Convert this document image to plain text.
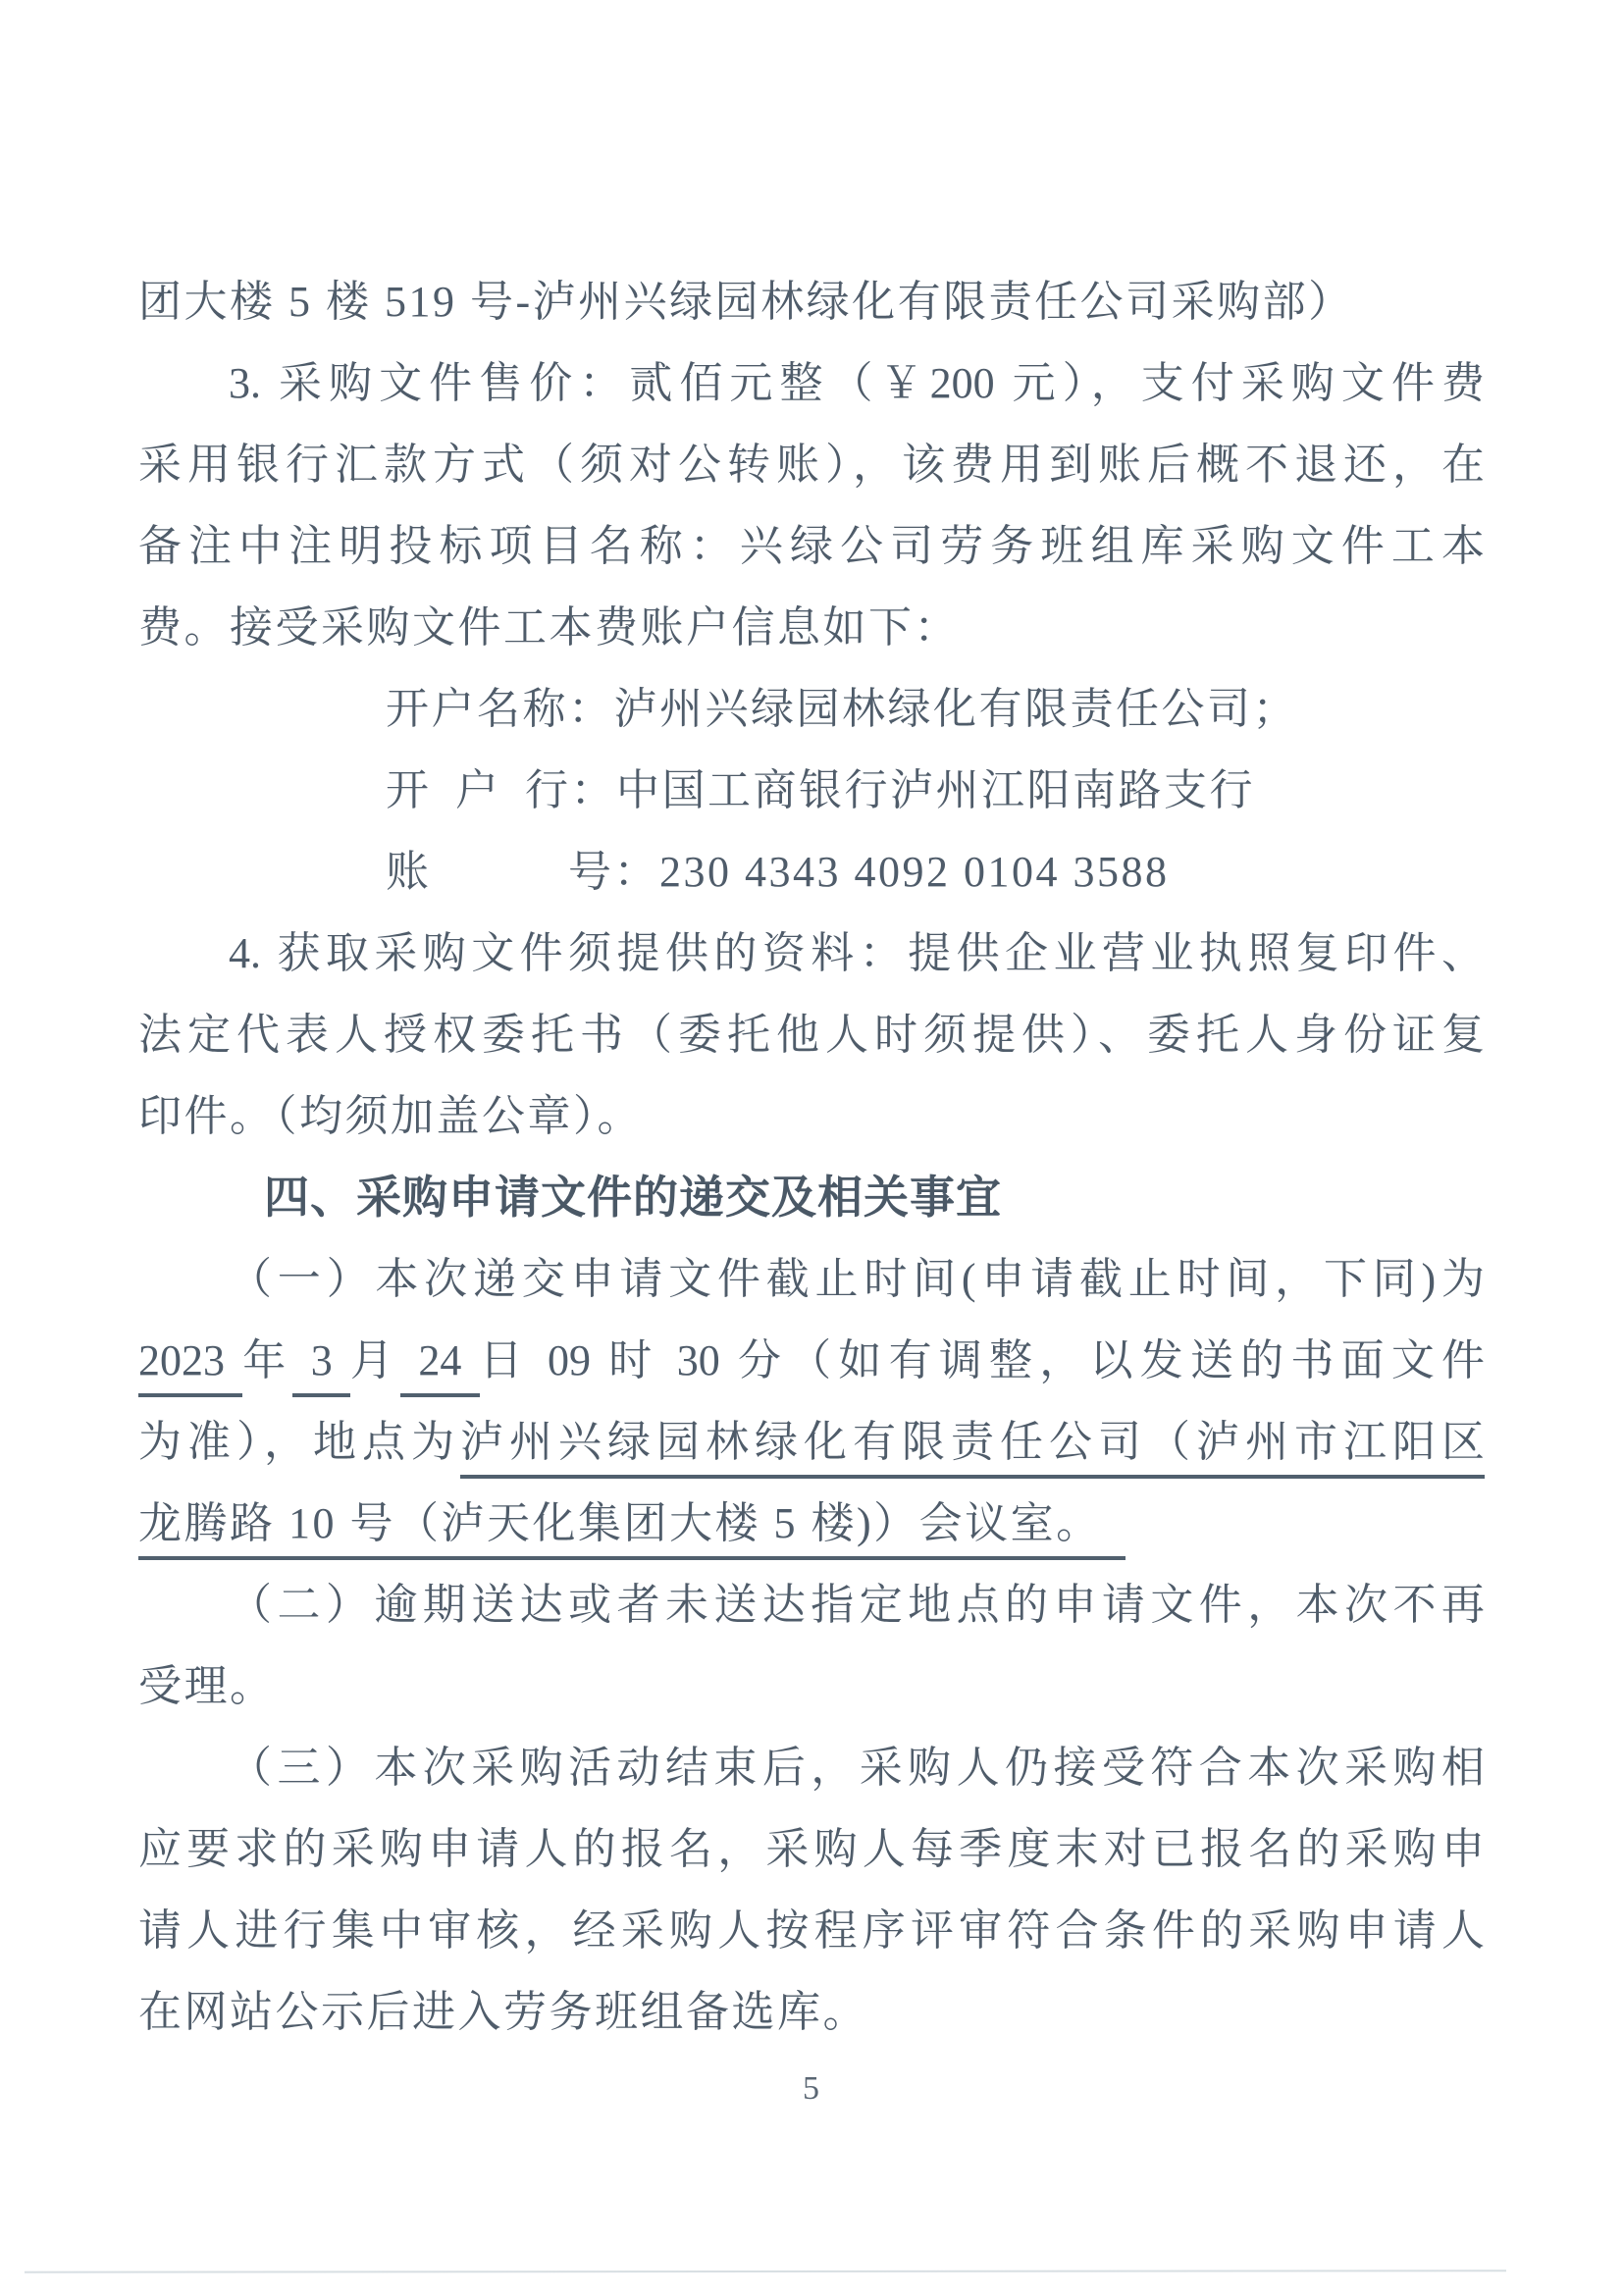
团大楼 5 楼 519 号-泸州兴绿园林绿化有限责任公司采购部）
3. 采购文件售价：贰佰元整（￥200 元），支付采购文件费
采用银行汇款方式（须对公转账），该费用到账后概不退还，在
备注中注明投标项目名称：兴绿公司劳务班组库采购文件工本
费。接受采购文件工本费账户信息如下：
开户名称：泸州兴绿园林绿化有限责任公司；
开 户 行：中国工商银行泸州江阳南路支行
账　　　号：230 4343 4092 0104 3588
4. 获取采购文件须提供的资料：提供企业营业执照复印件、
法定代表人授权委托书（委托他人时须提供）、委托人身份证复
印件。（均须加盖公章）。
四、采购申请文件的递交及相关事宜
（一）本次递交申请文件截止时间(申请截止时间，下同)为
2023 年 3 月 24 日 09 时 30 分（如有调整，以发送的书面文件
为准），地点为泸州兴绿园林绿化有限责任公司（泸州市江阳区
龙腾路 10 号（泸天化集团大楼 5 楼)）会议室。　
（二）逾期送达或者未送达指定地点的申请文件，本次不再
受理。
（三）本次采购活动结束后，采购人仍接受符合本次采购相
应要求的采购申请人的报名，采购人每季度末对已报名的采购申
请人进行集中审核，经采购人按程序评审符合条件的采购申请人
在网站公示后进入劳务班组备选库。
5
